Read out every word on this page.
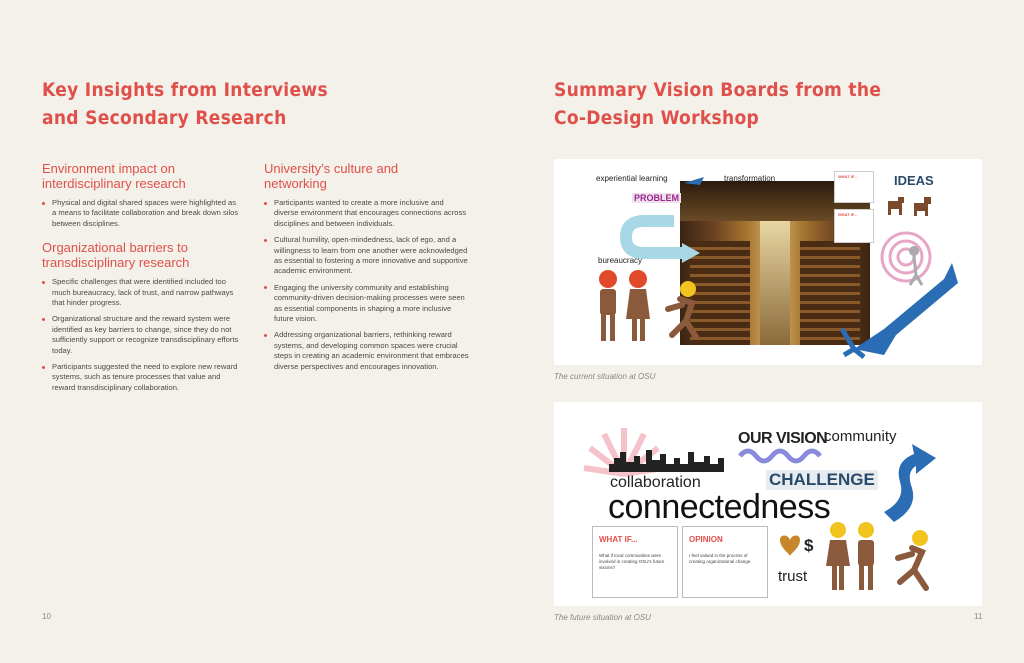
Key Insights from Interviews
and Secondary Research
Environment impact on
interdisciplinary research
Physical and digital shared spaces were highlighted as a means to facilitate collaboration and break down silos between disciplines.
Organizational barriers to
transdisciplinary research
Specific challenges that were identified included too much bureaucracy, lack of trust, and narrow pathways that hinder progress.
Organizational structure and the reward system were identified as key barriers to change, since they do not sufficiently support or recognize transdisciplinary efforts today.
Participants suggested the need to explore new reward systems, such as tenure processes that value and reward transdisciplinary collaboration.
University’s culture and
networking
Participants wanted to create a more inclusive and diverse environment that encourages connections across disciplines and between individuals.
Cultural humility, open-mindedness, lack of ego, and a willingness to learn from one another were acknowledged as essential to fostering a more innovative and supportive academic environment.
Engaging the university community and establishing community-driven decision-making processes were seen as essential components in shaping a more inclusive future vision.
Addressing organizational barriers, rethinking reward systems, and developing common spaces were crucial steps in creating an academic environment that embraces diverse perspectives and encourages innovation.
10
Summary Vision Boards from the
Co-Design Workshop
experiential learning	transformation
PROBLEM
IDEAS
bureaucracy
WHAT IF...
WHAT IF...
The current situation at OSU
OUR VISION
community
collaboration	CHALLENGE
connectedness
$
trust
WHAT IF...
What if local communities were involved in creating OSU's future visions?
OPINION
I feel valued in the process of creating organizational change.
The future situation at OSU	11
